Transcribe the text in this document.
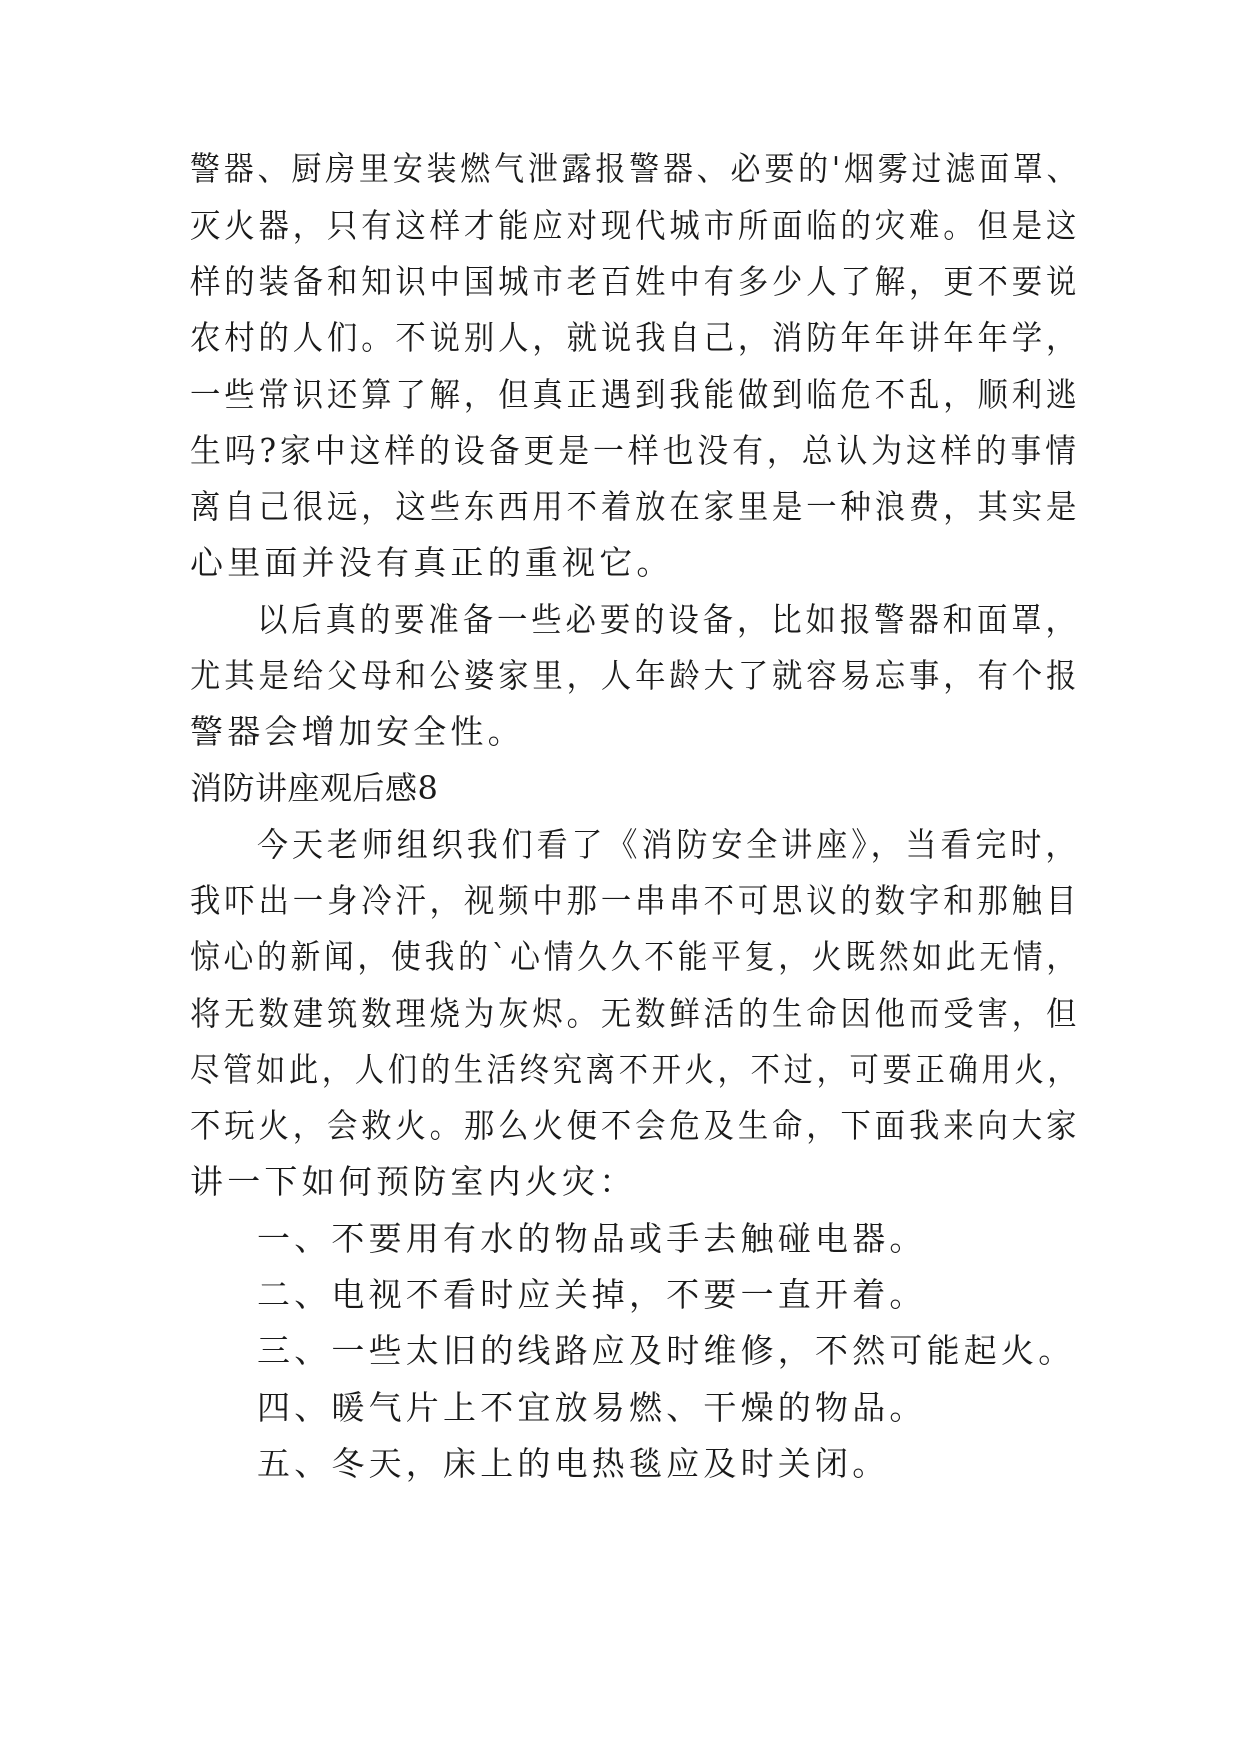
警器、厨房里安装燃气泄露报警器、必要的'烟雾过滤面罩、
灭火器，只有这样才能应对现代城市所面临的灾难。但是这
样的装备和知识中国城市老百姓中有多少人了解，更不要说
农村的人们。不说别人，就说我自己，消防年年讲年年学，
一些常识还算了解，但真正遇到我能做到临危不乱，顺利逃
生吗?家中这样的设备更是一样也没有，总认为这样的事情
离自己很远，这些东西用不着放在家里是一种浪费，其实是
心里面并没有真正的重视它。
以后真的要准备一些必要的设备，比如报警器和面罩，
尤其是给父母和公婆家里，人年龄大了就容易忘事，有个报
警器会增加安全性。
消防讲座观后感8
今天老师组织我们看了《消防安全讲座》，当看完时，
我吓出一身冷汗，视频中那一串串不可思议的数字和那触目
惊心的新闻，使我的`心情久久不能平复，火既然如此无情，
将无数建筑数理烧为灰烬。无数鲜活的生命因他而受害，但
尽管如此，人们的生活终究离不开火，不过，可要正确用火，
不玩火，会救火。那么火便不会危及生命，下面我来向大家
讲一下如何预防室内火灾：
一、不要用有水的物品或手去触碰电器。
二、电视不看时应关掉，不要一直开着。
三、一些太旧的线路应及时维修，不然可能起火。
四、暖气片上不宜放易燃、干燥的物品。
五、冬天，床上的电热毯应及时关闭。
